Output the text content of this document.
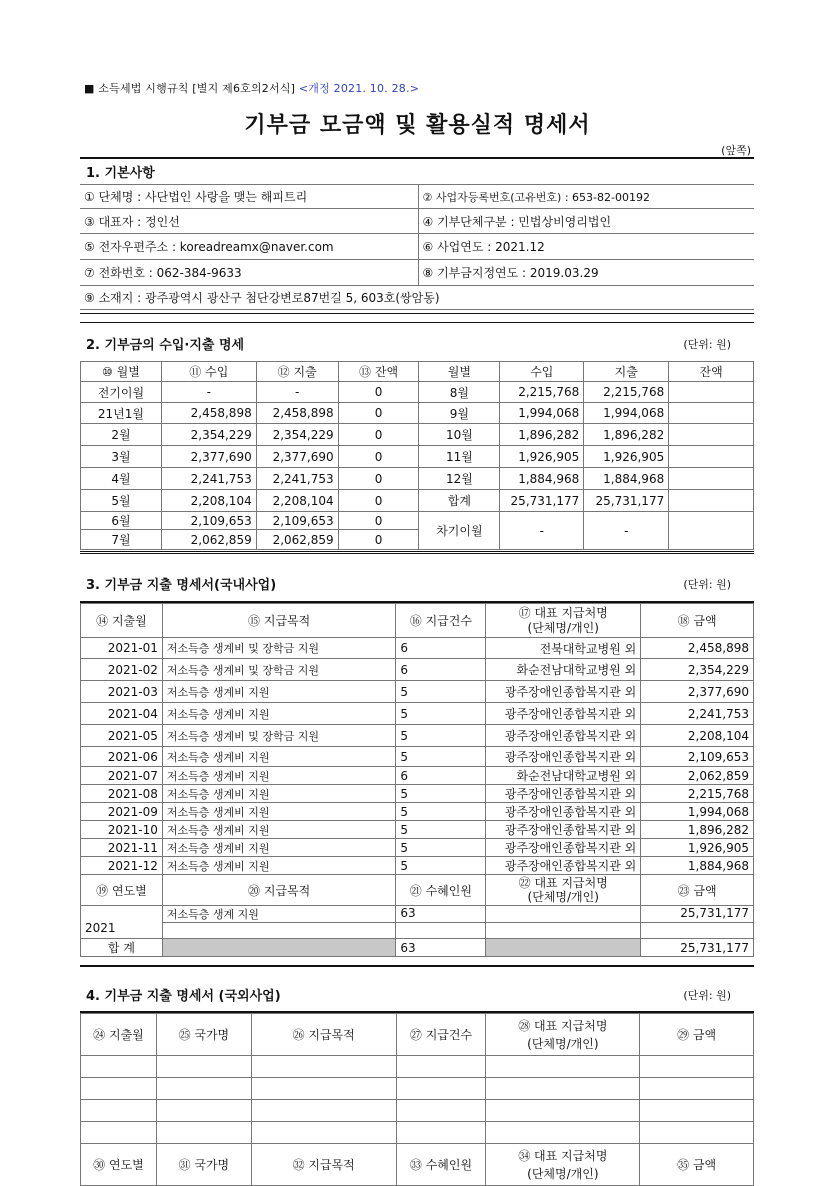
■ 소득세법 시행규칙 [별지 제6호의2서식] <개정 2021. 10. 28.>
기부금 모금액 및 활용실적 명세서
(앞쪽)
1. 기본사항
① 단체명 : 사단법인 사랑을 맺는 해피트리	② 사업자등록번호(고유번호) : 653-82-00192
③ 대표자 : 정인선	④ 기부단체구분 : 민법상비영리법인
⑤ 전자우편주소 : koreadreamx@naver.com	⑥ 사업연도 : 2021.12
⑦ 전화번호 : 062-384-9633	⑧ 기부금지정연도 : 2019.03.29
⑨ 소재지 : 광주광역시 광산구 첨단강변로87번길 5, 603호(쌍암동)	
2. 기부금의 수입·지출 명세	(단위: 원)
⑩ 월별	⑪ 수입	⑫ 지출	⑬ 잔액	월별	수입	지출	잔액
전기이월	-	-	0	8월	2,215,768	2,215,768	
21년1월	2,458,898	2,458,898	0	9월	1,994,068	1,994,068	
2월	2,354,229	2,354,229	0	10월	1,896,282	1,896,282	
3월	2,377,690	2,377,690	0	11월	1,926,905	1,926,905	
4월	2,241,753	2,241,753	0	12월	1,884,968	1,884,968	
5월	2,208,104	2,208,104	0	합계	25,731,177	25,731,177	
6월	2,109,653	2,109,653	0	차기이월	-	-	
7월	2,062,859	2,062,859	0				
3. 기부금 지출 명세서(국내사업)	(단위: 원)
⑭ 지출월	⑮ 지급목적	⑯ 지급건수	⑰ 대표 지급처명
(단체명/개인)	⑱ 금액
2021-01	저소득층 생계비 및 장학금 지원	6	전북대학교병원 외	2,458,898
2021-02	저소득층 생계비 및 장학금 지원	6	화순전남대학교병원 외	2,354,229
2021-03	저소득층 생계비 지원	5	광주장애인종합복지관 외	2,377,690
2021-04	저소득층 생계비 지원	5	광주장애인종합복지관 외	2,241,753
2021-05	저소득층 생계비 및 장학금 지원	5	광주장애인종합복지관 외	2,208,104
2021-06	저소득층 생계비 지원	5	광주장애인종합복지관 외	2,109,653
2021-07	저소득층 생계비 지원	6	화순전남대학교병원 외	2,062,859
2021-08	저소득층 생계비 지원	5	광주장애인종합복지관 외	2,215,768
2021-09	저소득층 생계비 지원	5	광주장애인종합복지관 외	1,994,068
2021-10	저소득층 생계비 지원	5	광주장애인종합복지관 외	1,896,282
2021-11	저소득층 생계비 지원	5	광주장애인종합복지관 외	1,926,905
2021-12	저소득층 생계비 지원	5	광주장애인종합복지관 외	1,884,968
⑲ 연도별	⑳ 지급목적	㉑ 수혜인원	㉒ 대표 지급처명
(단체명/개인)	㉓ 금액
2021	저소득층 생계 지원	63		25,731,177

합 계		63		25,731,177
4. 기부금 지출 명세서 (국외사업)	(단위: 원)
㉔ 지출월	㉕ 국가명	㉖ 지급목적	㉗ 지급건수	㉘ 대표 지급처명
(단체명/개인)	㉙ 금액

㉚ 연도별	㉛ 국가명	㉜ 지급목적	㉝ 수혜인원	㉞ 대표 지급처명
(단체명/개인)	㉟ 금액
